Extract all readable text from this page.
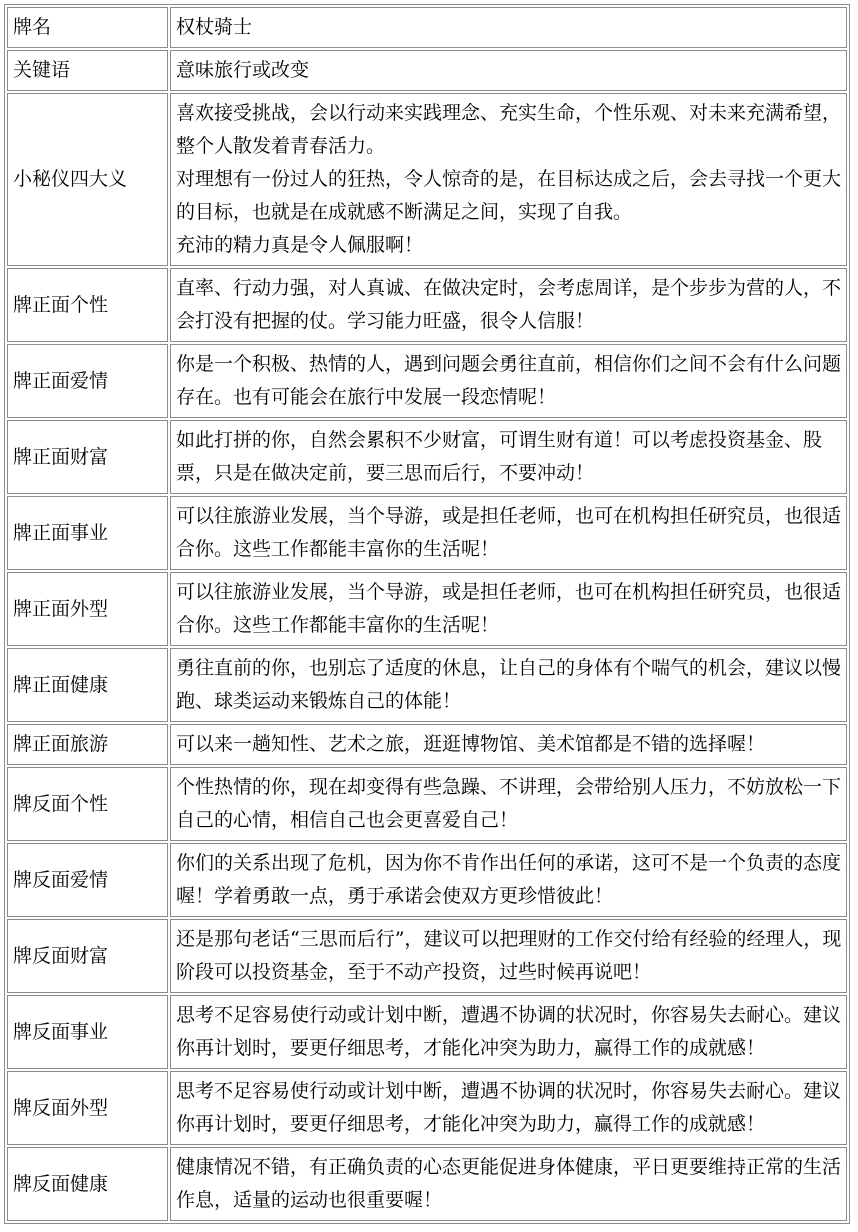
牌名	权杖骑士

关键语	意味旅行或改变

小秘仪四大义	喜欢接受挑战，会以行动来实践理念、充实生命，个性乐观、对未来充满希望，整个人散发着青春活力。
对理想有一份过人的狂热，令人惊奇的是，在目标达成之后，会去寻找一个更大的目标，也就是在成就感不断满足之间，实现了自我。
充沛的精力真是令人佩服啊！

牌正面个性	直率、行动力强，对人真诚、在做决定时，会考虑周详，是个步步为营的人，不会打没有把握的仗。学习能力旺盛，很令人信服！

牌正面爱情	你是一个积极、热情的人，遇到问题会勇往直前，相信你们之间不会有什么问题存在。也有可能会在旅行中发展一段恋情呢！

牌正面财富	如此打拼的你，自然会累积不少财富，可谓生财有道！可以考虑投资基金、股票，只是在做决定前，要三思而后行，不要冲动！

牌正面事业	可以往旅游业发展，当个导游，或是担任老师，也可在机构担任研究员，也很适合你。这些工作都能丰富你的生活呢！

牌正面外型	可以往旅游业发展，当个导游，或是担任老师，也可在机构担任研究员，也很适合你。这些工作都能丰富你的生活呢！

牌正面健康	勇往直前的你，也别忘了适度的休息，让自己的身体有个喘气的机会，建议以慢跑、球类运动来锻炼自己的体能！

牌正面旅游	可以来一趟知性、艺术之旅，逛逛博物馆、美术馆都是不错的选择喔！

牌反面个性	个性热情的你，现在却变得有些急躁、不讲理，会带给别人压力，不妨放松一下自己的心情，相信自己也会更喜爱自己！

牌反面爱情	你们的关系出现了危机，因为你不肯作出任何的承诺，这可不是一个负责的态度喔！学着勇敢一点，勇于承诺会使双方更珍惜彼此！

牌反面财富	还是那句老话“三思而后行”，建议可以把理财的工作交付给有经验的经理人，现阶段可以投资基金，至于不动产投资，过些时候再说吧！

牌反面事业	思考不足容易使行动或计划中断，遭遇不协调的状况时，你容易失去耐心。建议你再计划时，要更仔细思考，才能化冲突为助力，赢得工作的成就感！

牌反面外型	思考不足容易使行动或计划中断，遭遇不协调的状况时，你容易失去耐心。建议你再计划时，要更仔细思考，才能化冲突为助力，赢得工作的成就感！

牌反面健康	健康情况不错，有正确负责的心态更能促进身体健康，平日更要维持正常的生活作息，适量的运动也很重要喔！
